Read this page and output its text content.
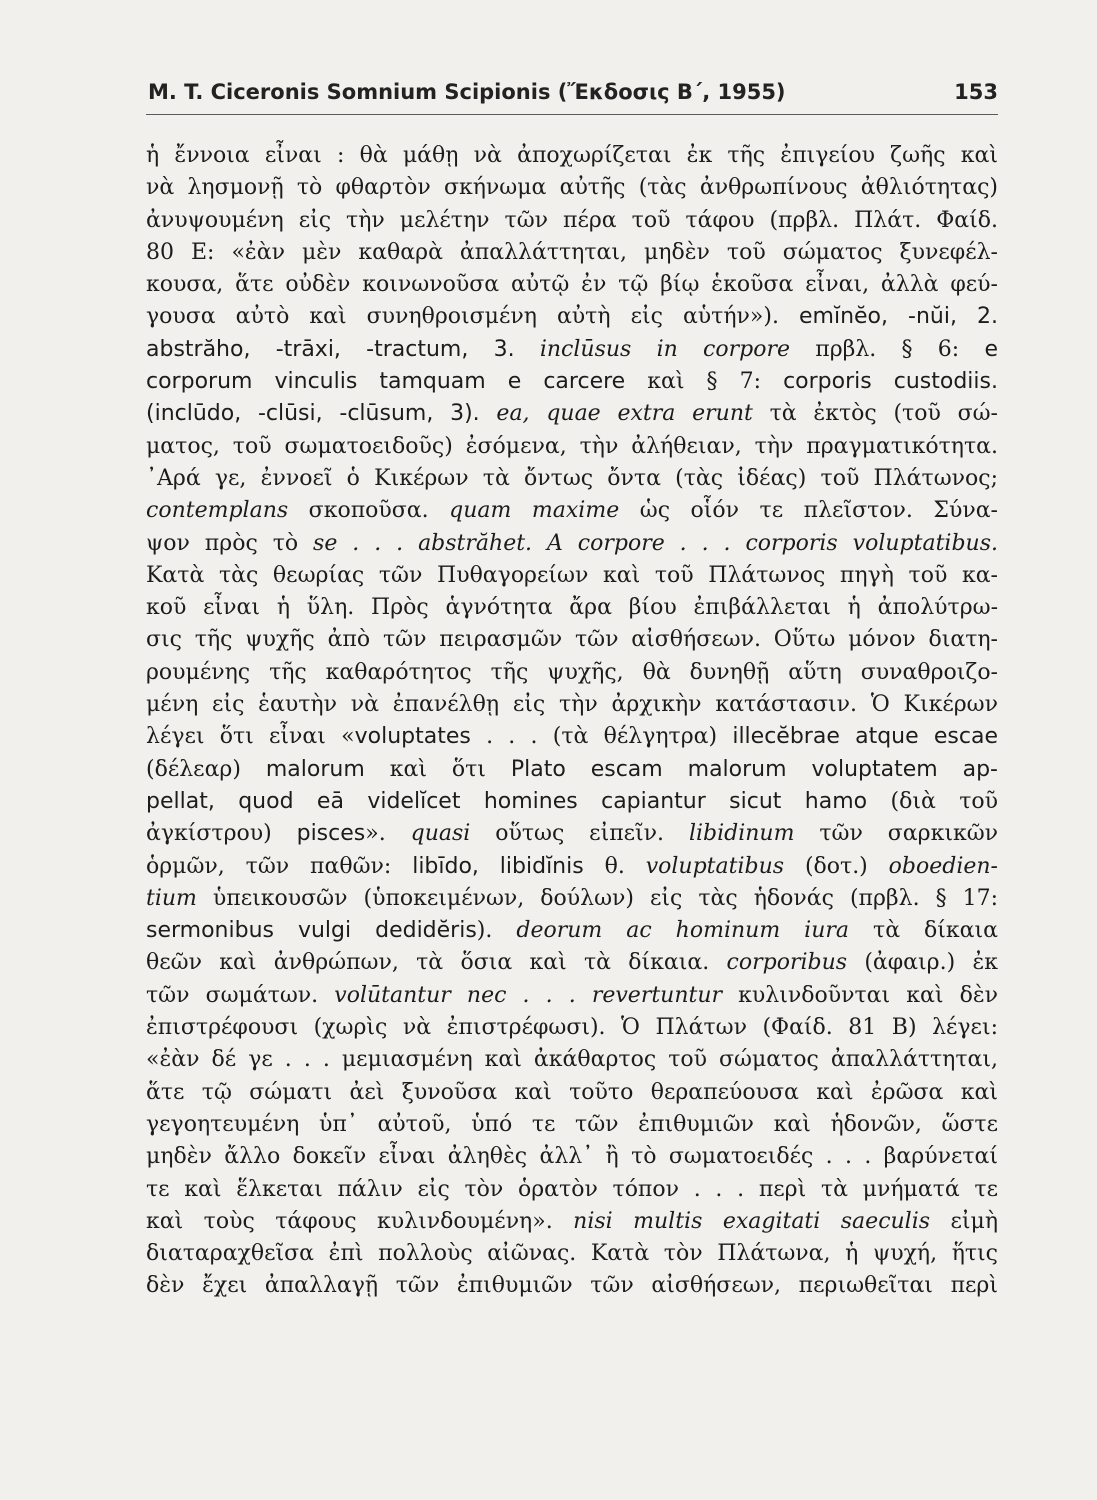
M. T. Ciceronis Somnium Scipionis (Ἔκδοσις Β΄, 1955)	153
ἡ ἔννοια εἶναι : θὰ μάθῃ νὰ ἀποχωρίζεται ἐκ τῆς ἐπιγείου ζωῆς καὶ
νὰ λησμονῇ τὸ φθαρτὸν σκήνωμα αὐτῆς (τὰς ἀνθρωπίνους ἀθλιότητας)
ἀνυψουμένη εἰς τὴν μελέτην τῶν πέρα τοῦ τάφου (πρβλ. Πλάτ. Φαίδ.
80 Ε: «ἐὰν μὲν καθαρὰ ἀπαλλάττηται, μηδὲν τοῦ σώματος ξυνεφέλ-
κουσα, ἅτε οὐδὲν κοινωνοῦσα αὐτῷ ἐν τῷ βίῳ ἑκοῦσα εἶναι, ἀλλὰ φεύ-
γουσα αὐτὸ καὶ συνηθροισμένη αὐτὴ εἰς αὑτήν»). emĭnĕo, -nŭi, 2.
abstrăho, -trāxi, -tractum, 3. inclūsus in corpore πρβλ. § 6: e
corporum vinculis tamquam e carcere καὶ § 7: corporis custodiis.
(inclūdo, -clūsi, -clūsum, 3). ea, quae extra erunt τὰ ἐκτὸς (τοῦ σώ-
ματος, τοῦ σωματοειδοῦς) ἐσόμενα, τὴν ἀλήθειαν, τὴν πραγματικότητα.
᾿Αρά γε, ἐννοεῖ ὁ Κικέρων τὰ ὄντως ὄντα (τὰς ἰδέας) τοῦ Πλάτωνος;
contemplans σκοποῦσα. quam maxime ὡς οἷόν τε πλεῖστον. Σύνα-
ψον πρὸς τὸ se . . . abstrăhet. A corpore . . . corporis voluptatibus.
Κατὰ τὰς θεωρίας τῶν Πυθαγορείων καὶ τοῦ Πλάτωνος πηγὴ τοῦ κα-
κοῦ εἶναι ἡ ὕλη. Πρὸς ἁγνότητα ἄρα βίου ἐπιβάλλεται ἡ ἀπολύτρω-
σις τῆς ψυχῆς ἀπὸ τῶν πειρασμῶν τῶν αἰσθήσεων. Οὕτω μόνον διατη-
ρουμένης τῆς καθαρότητος τῆς ψυχῆς, θὰ δυνηθῇ αὕτη συναθροιζο-
μένη εἰς ἑαυτὴν νὰ ἐπανέλθῃ εἰς τὴν ἀρχικὴν κατάστασιν. Ὁ Κικέρων
λέγει ὅτι εἶναι «voluptates . . . (τὰ θέλγητρα) illecĕbrae atque escae
(δέλεαρ) malorum καὶ ὅτι Plato escam malorum voluptatem ap-
pellat, quod eā videlĭcet homines capiantur sicut hamo (διὰ τοῦ
ἀγκίστρου) pisces». quasi οὕτως εἰπεῖν. libidinum τῶν σαρκικῶν
ὁρμῶν, τῶν παθῶν: libīdo, libidĭnis θ. voluptatibus (δοτ.) oboedien-
tium ὑπεικουσῶν (ὑποκειμένων, δούλων) εἰς τὰς ἡδονάς (πρβλ. § 17:
sermonibus vulgi dedidĕris). deorum ac hominum iura τὰ δίκαια
θεῶν καὶ ἀνθρώπων, τὰ ὅσια καὶ τὰ δίκαια. corporibus (ἀφαιρ.) ἐκ
τῶν σωμάτων. volūtantur nec . . . revertuntur κυλινδοῦνται καὶ δὲν
ἐπιστρέφουσι (χωρὶς νὰ ἐπιστρέφωσι). Ὁ Πλάτων (Φαίδ. 81 Β) λέγει:
«ἐὰν δέ γε . . . μεμιασμένη καὶ ἀκάθαρτος τοῦ σώματος ἀπαλλάττηται,
ἅτε τῷ σώματι ἀεὶ ξυνοῦσα καὶ τοῦτο θεραπεύουσα καὶ ἐρῶσα καὶ
γεγοητευμένη ὑπ᾿ αὐτοῦ, ὑπό τε τῶν ἐπιθυμιῶν καὶ ἡδονῶν, ὥστε
μηδὲν ἄλλο δοκεῖν εἶναι ἀληθὲς ἀλλ᾿ ἢ τὸ σωματοειδές . . . βαρύνεταί
τε καὶ ἕλκεται πάλιν εἰς τὸν ὁρατὸν τόπον . . . περὶ τὰ μνήματά τε
καὶ τοὺς τάφους κυλινδουμένη». nisi multis exagitati saeculis εἰμὴ
διαταραχθεῖσα ἐπὶ πολλοὺς αἰῶνας. Κατὰ τὸν Πλάτωνα, ἡ ψυχή, ἥτις
δὲν ἔχει ἀπαλλαγῇ τῶν ἐπιθυμιῶν τῶν αἰσθήσεων, περιωθεῖται περὶ
